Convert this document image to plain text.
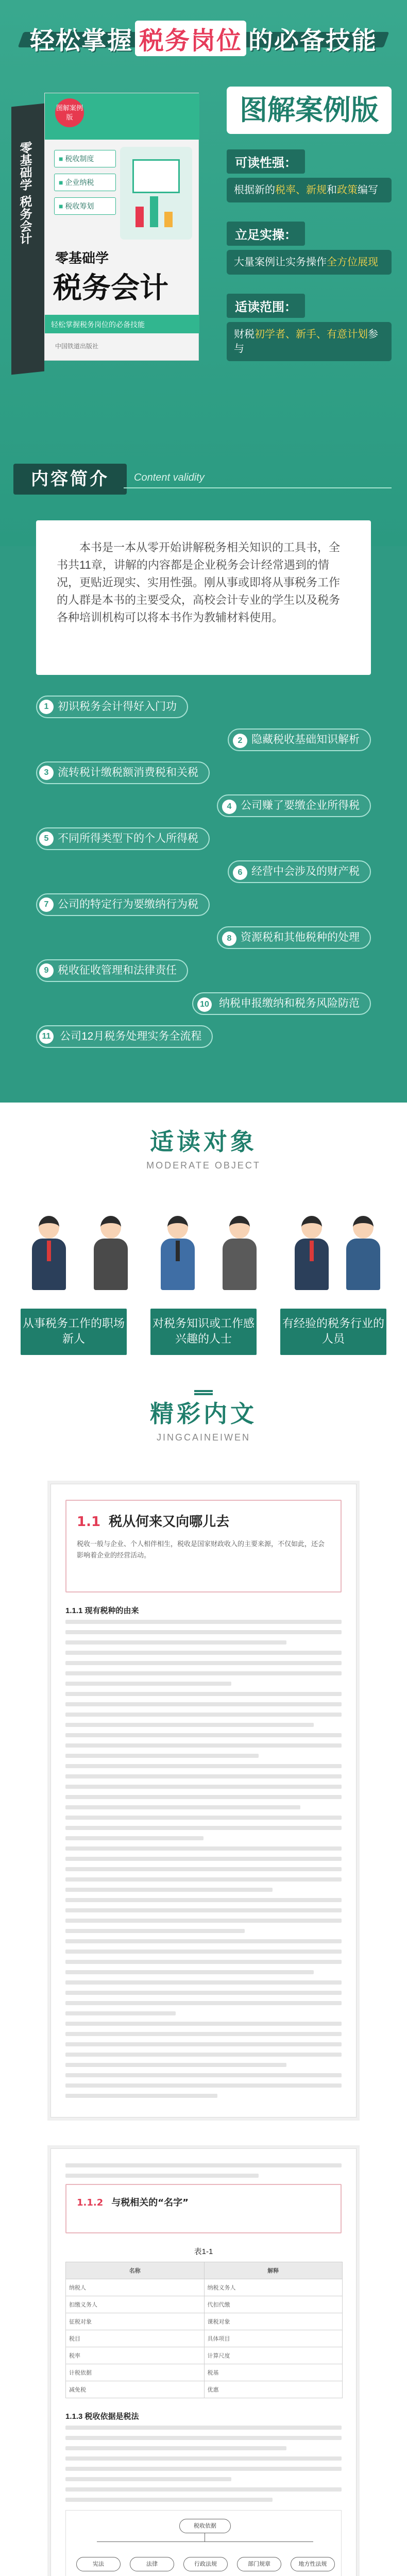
轻松掌握 税务岗位 的必备技能
零基础学 税务会计
图解案例版
■ 税收制度
■ 企业纳税
■ 税收筹划
零基础学
税务会计
轻松掌握税务岗位的必备技能
中国铁道出版社
图解案例版
可读性强：
根据新的税率、新规和政策编写
立足实操：
大量案例让实务操作全方位展现
适读范围：
财税初学者、新手、有意计划参与
内容简介	Content validity
本书是一本从零开始讲解税务相关知识的工具书，全书共11章，讲解的内容都是企业税务会计经常遇到的情况，更贴近现实、实用性强。刚从事或即将从事税务工作的人群是本书的主要受众，高校会计专业的学生以及税务各种培训机构可以将本书作为教辅材料使用。
初识税务会计得好入门功
1
2 隐藏税收基础知识解析
流转税计缴税额消费税和关税
3
4 公司赚了要缴企业所得税
不同所得类型下的个人所得税
5
6 经营中会涉及的财产税
公司的特定行为要缴纳行为税
7
8 资源税和其他税种的处理
税收征收管理和法律责任
9
10 纳税申报缴纳和税务风险防范
公司12月税务处理实务全流程
11
适读对象
MODERATE OBJECT
从事税务工作的职场新人
对税务知识或工作感兴趣的人士
有经验的税务行业的人员
精彩内文
JINGCAINEIWEN
1.1 税从何来又向哪儿去
税收一般与企业、个人相伴相生，税收是国家财政收入的主要来源，不仅如此，还会影响着企业的经营活动。
1.1.1 现有税种的由来
1.1.2 与税相关的“名字”
表1-1
名称	解释
纳税人	纳税义务人
扣缴义务人	代扣代缴
征税对象	课税对象
税目	具体项目
税率	计算尺度
计税依据	税基
减免税	优惠
1.1.3 税收依据是税法
税收依据
宪法	法律	行政法规	部门规章	地方性法规
